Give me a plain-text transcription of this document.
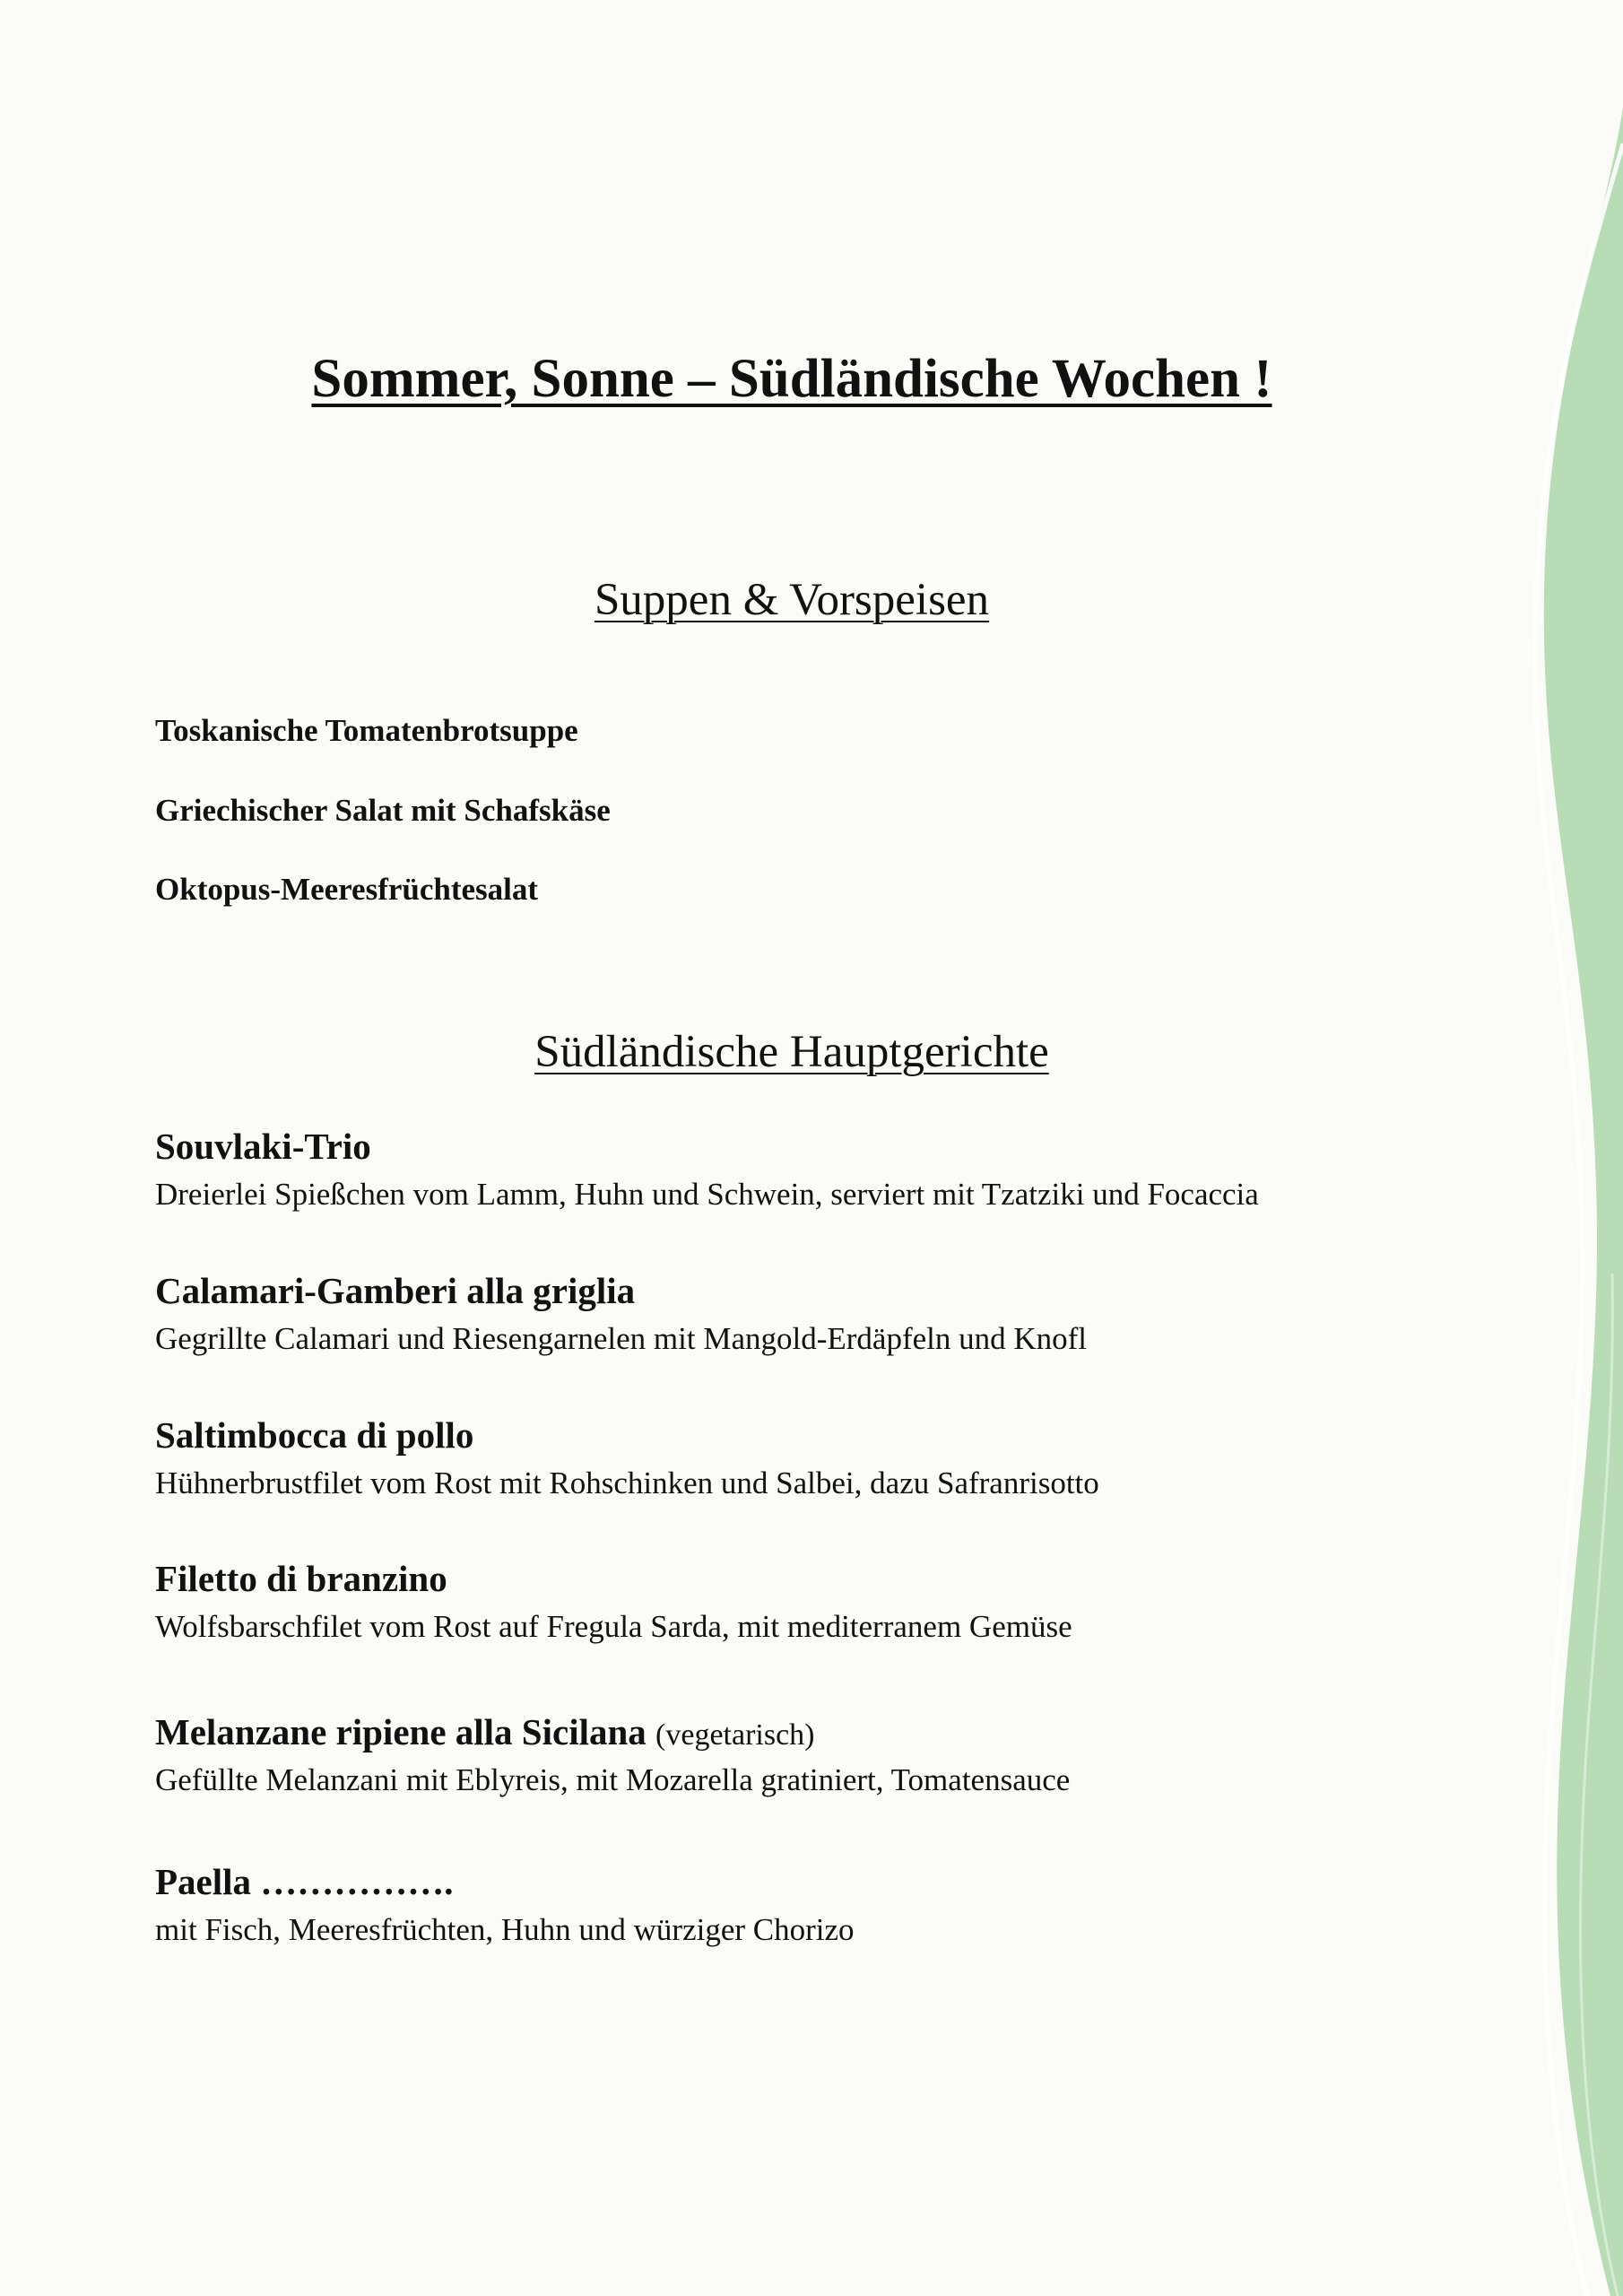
Sommer, Sonne – Südländische Wochen !
Suppen & Vorspeisen

Toskanische Tomatenbrotsuppe

Griechischer Salat mit Schafskäse

Oktopus-Meeresfrüchtesalat

Südländische Hauptgerichte
Souvlaki-Trio
Dreierlei Spießchen vom Lamm, Huhn und Schwein, serviert mit Tzatziki und Focaccia
Calamari-Gamberi alla griglia
Gegrillte Calamari und Riesengarnelen mit Mangold-Erdäpfeln und Knofl
Saltimbocca di pollo
Hühnerbrustfilet vom Rost mit Rohschinken und Salbei, dazu Safranrisotto
Filetto di branzino
Wolfsbarschfilet vom Rost auf Fregula Sarda, mit mediterranem Gemüse
Melanzane ripiene alla Sicilana (vegetarisch)
Gefüllte Melanzani mit Eblyreis, mit Mozarella gratiniert, Tomatensauce
Paella …………….
mit Fisch, Meeresfrüchten, Huhn und würziger Chorizo
